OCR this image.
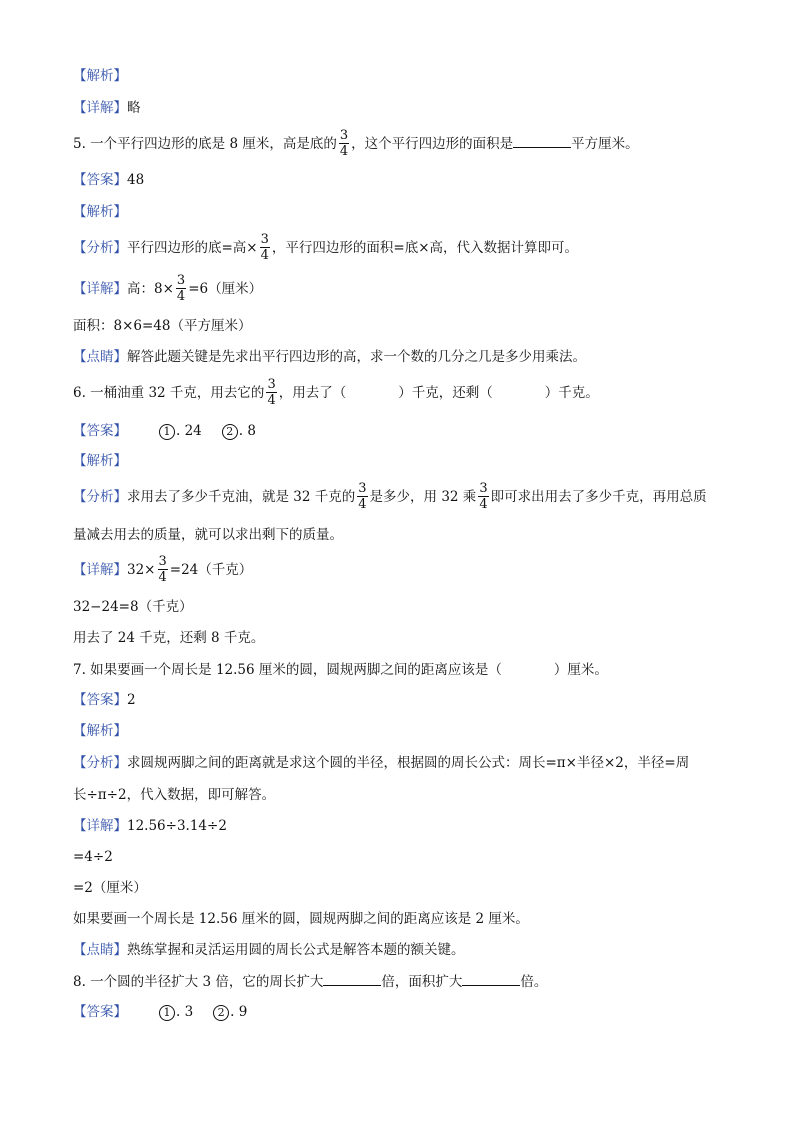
【解析】
【详解】略
5. 一个平行四边形的底是 8 厘米，高是底的 $\frac{3}{4}$ ，这个平行四边形的面积是	平方厘米。
【答案】48
【解析】
【分析】平行四边形的底=高× $\frac{3}{4}$ ，平行四边形的面积=底×高，代入数据计算即可。
【详解】高：$8\times \frac{3}{4} =6$（厘米）
面积：8×6=48（平方厘米）
【点睛】解答此题关键是先求出平行四边形的高，求一个数的几分之几是多少用乘法。
6. 一桶油重 32 千克，用去它的 $\frac{3}{4}$ ，用去了（	）千克，还剩（	）千克。
【答案】	1 . 24 2 . 8
【解析】
【分析】求用去了多少千克油，就是 32 千克的 $\frac{3}{4}$ 是多少，用 32 乘 $\frac{3}{4}$ 即可求出用去了多少千克，再用总质
量减去用去的质量，就可以求出剩下的质量。
【详解】$32\times \frac{3}{4} =24$（千克）
32−24=8（千克）
用去了 24 千克，还剩 8 千克。
7. 如果要画一个周长是 12.56 厘米的圆，圆规两脚之间的距离应该是（	）厘米。
【答案】2
【解析】
【分析】求圆规两脚之间的距离就是求这个圆的半径，根据圆的周长公式：周长=π×半径×2，半径=周
长÷π÷2，代入数据，即可解答。
【详解】12.56÷3.14÷2
=4÷2
=2（厘米）
如果要画一个周长是 12.56 厘米的圆，圆规两脚之间的距离应该是 2 厘米。
【点睛】熟练掌握和灵活运用圆的周长公式是解答本题的额关键。
8. 一个圆的半径扩大 3 倍，它的周长扩大	倍，面积扩大	倍。
【答案】	1 . 3 2 . 9
